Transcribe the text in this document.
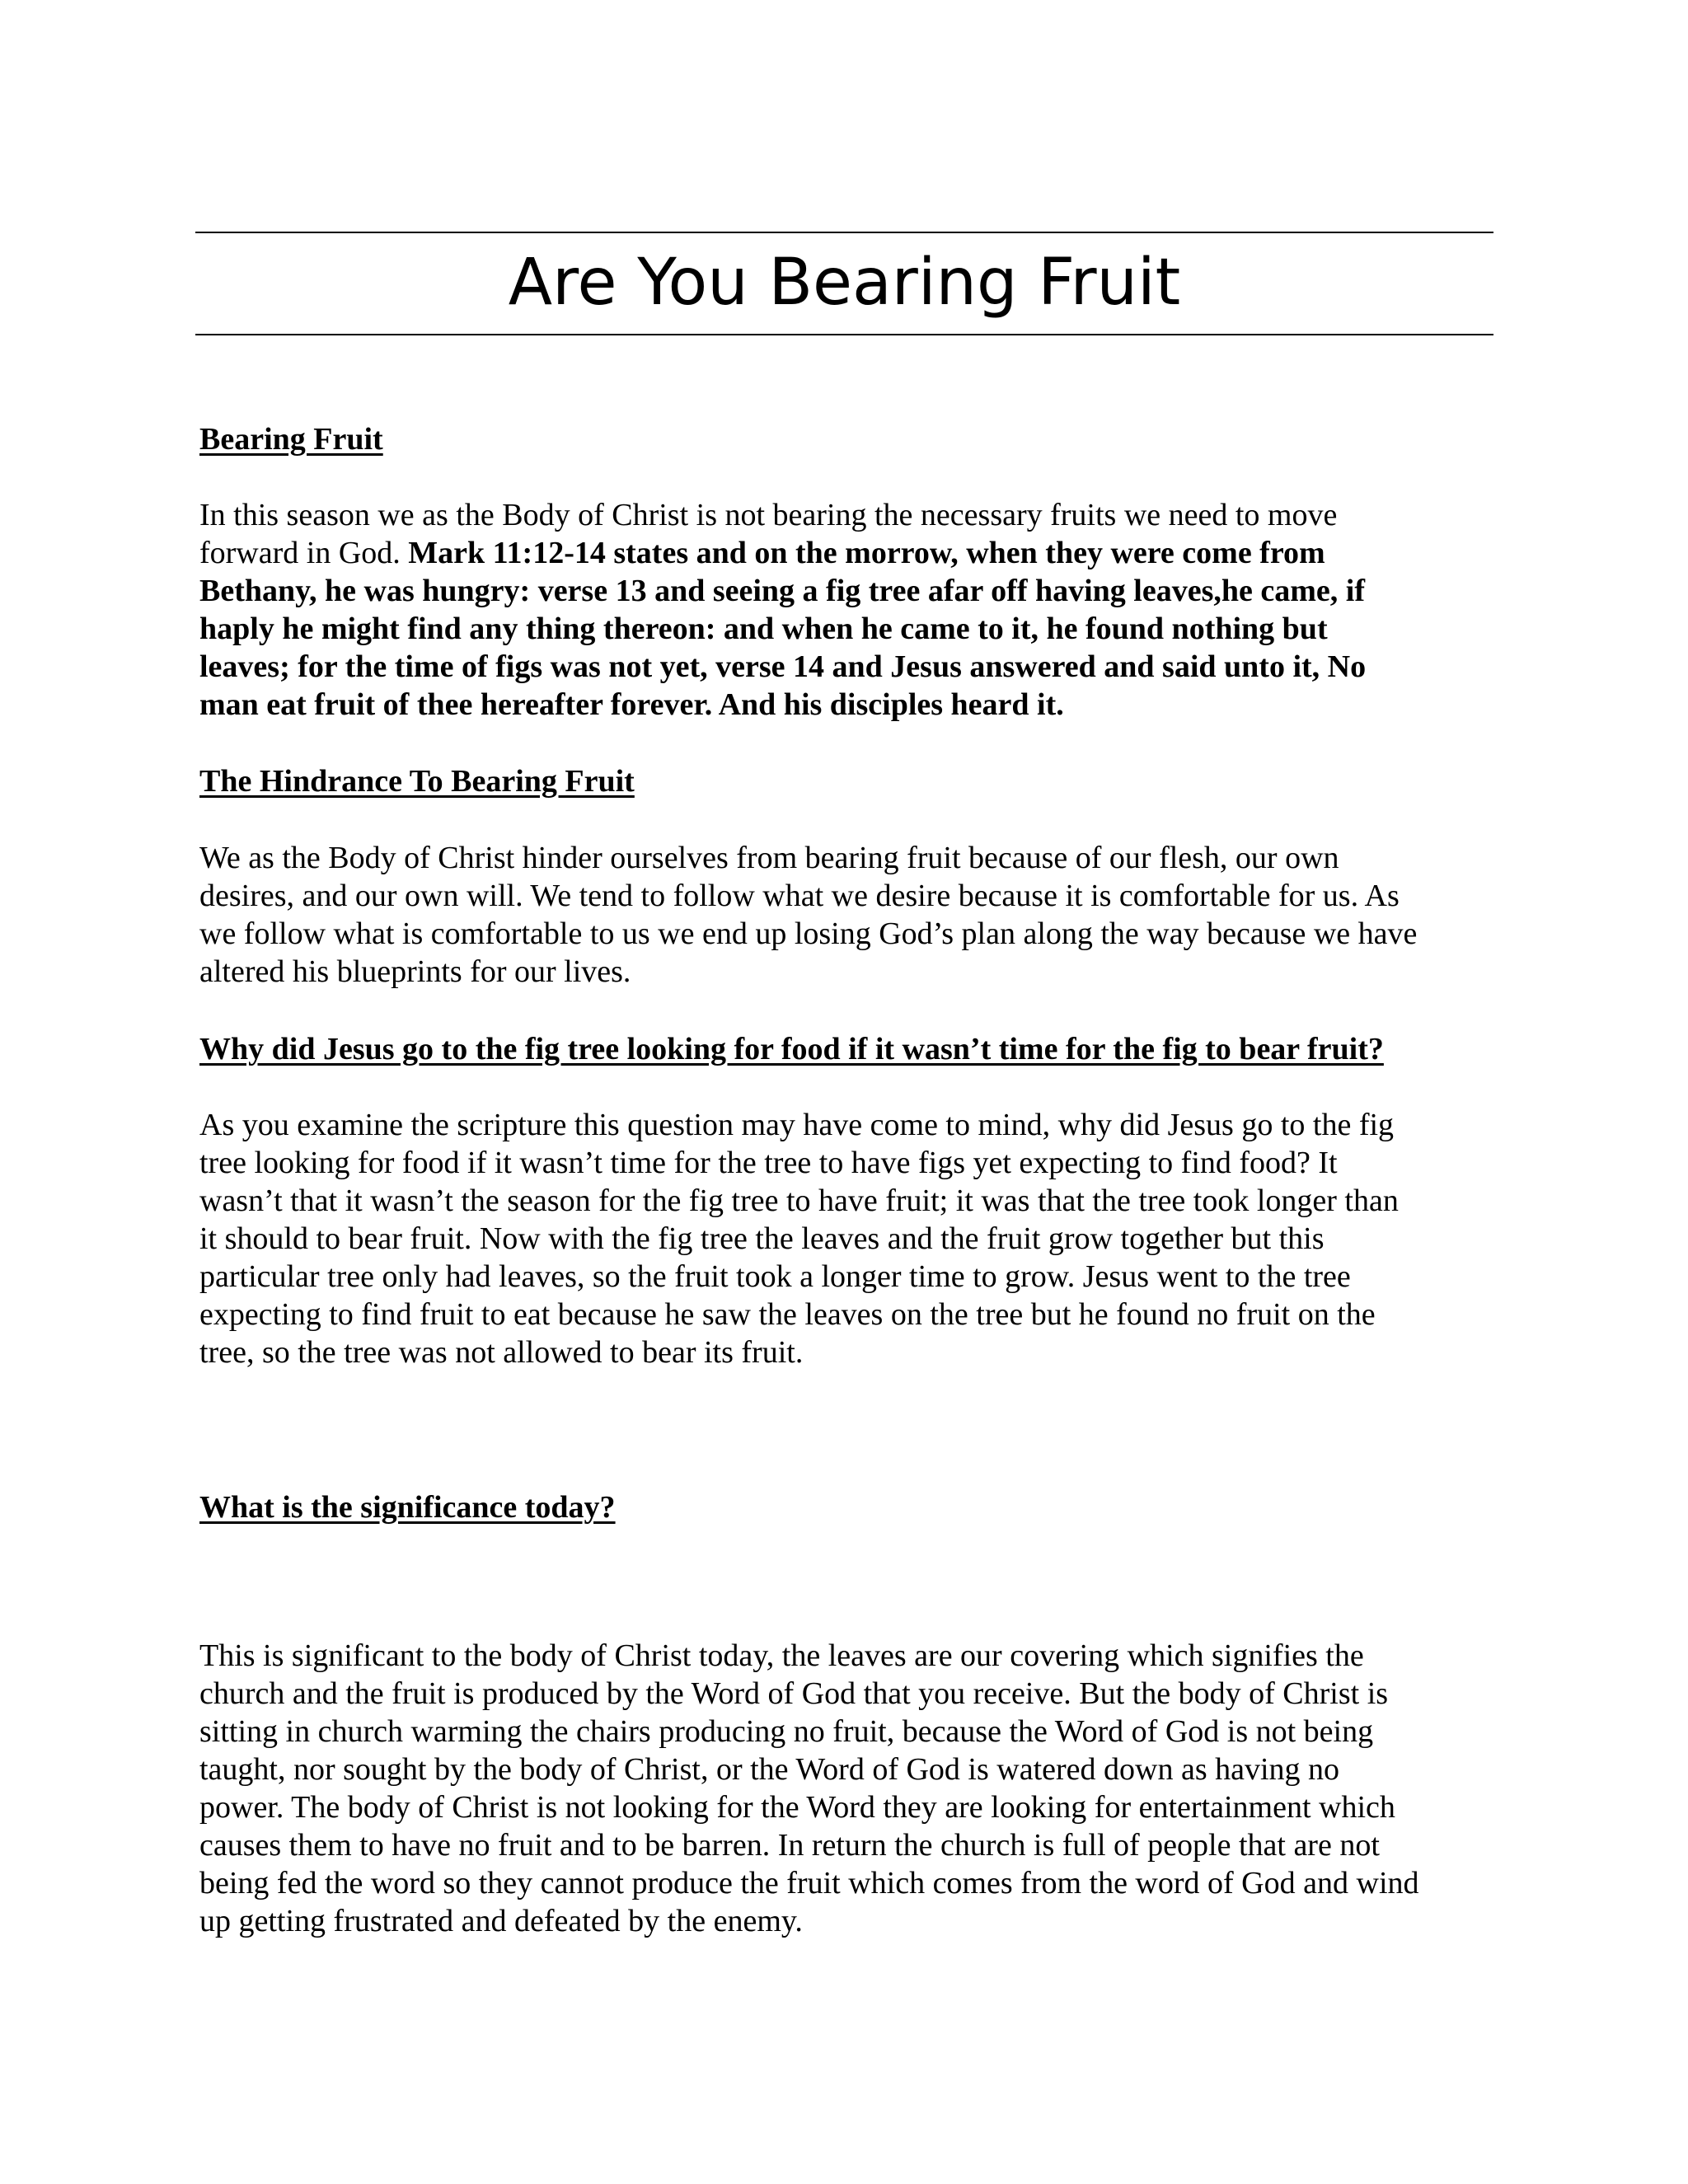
Are You Bearing Fruit
Bearing Fruit
In this season we as the Body of Christ is not bearing the necessary fruits we need to move
forward in God. Mark 11:12-14 states and on the morrow, when they were come from
Bethany, he was hungry: verse 13 and seeing a fig tree afar off having leaves,he came, if
haply he might find any thing thereon: and when he came to it, he found nothing but
leaves; for the time of figs was not yet, verse 14 and Jesus answered and said unto it, No
man eat fruit of thee hereafter forever. And his disciples heard it.
The Hindrance To Bearing Fruit
We as the Body of Christ hinder ourselves from bearing fruit because of our flesh, our own
desires, and our own will. We tend to follow what we desire because it is comfortable for us. As
we follow what is comfortable to us we end up losing God’s plan along the way because we have
altered his blueprints for our lives.
Why did Jesus go to the fig tree looking for food if it wasn’t time for the fig to bear fruit?
As you examine the scripture this question may have come to mind, why did Jesus go to the fig
tree looking for food if it wasn’t time for the tree to have figs yet expecting to find food? It
wasn’t that it wasn’t the season for the fig tree to have fruit; it was that the tree took longer than
it should to bear fruit. Now with the fig tree the leaves and the fruit grow together but this
particular tree only had leaves, so the fruit took a longer time to grow. Jesus went to the tree
expecting to find fruit to eat because he saw the leaves on the tree but he found no fruit on the
tree, so the tree was not allowed to bear its fruit.
What is the significance today?
This is significant to the body of Christ today, the leaves are our covering which signifies the
church and the fruit is produced by the Word of God that you receive. But the body of Christ is
sitting in church warming the chairs producing no fruit, because the Word of God is not being
taught, nor sought by the body of Christ, or the Word of God is watered down as having no
power. The body of Christ is not looking for the Word they are looking for entertainment which
causes them to have no fruit and to be barren. In return the church is full of people that are not
being fed the word so they cannot produce the fruit which comes from the word of God and wind
up getting frustrated and defeated by the enemy.
